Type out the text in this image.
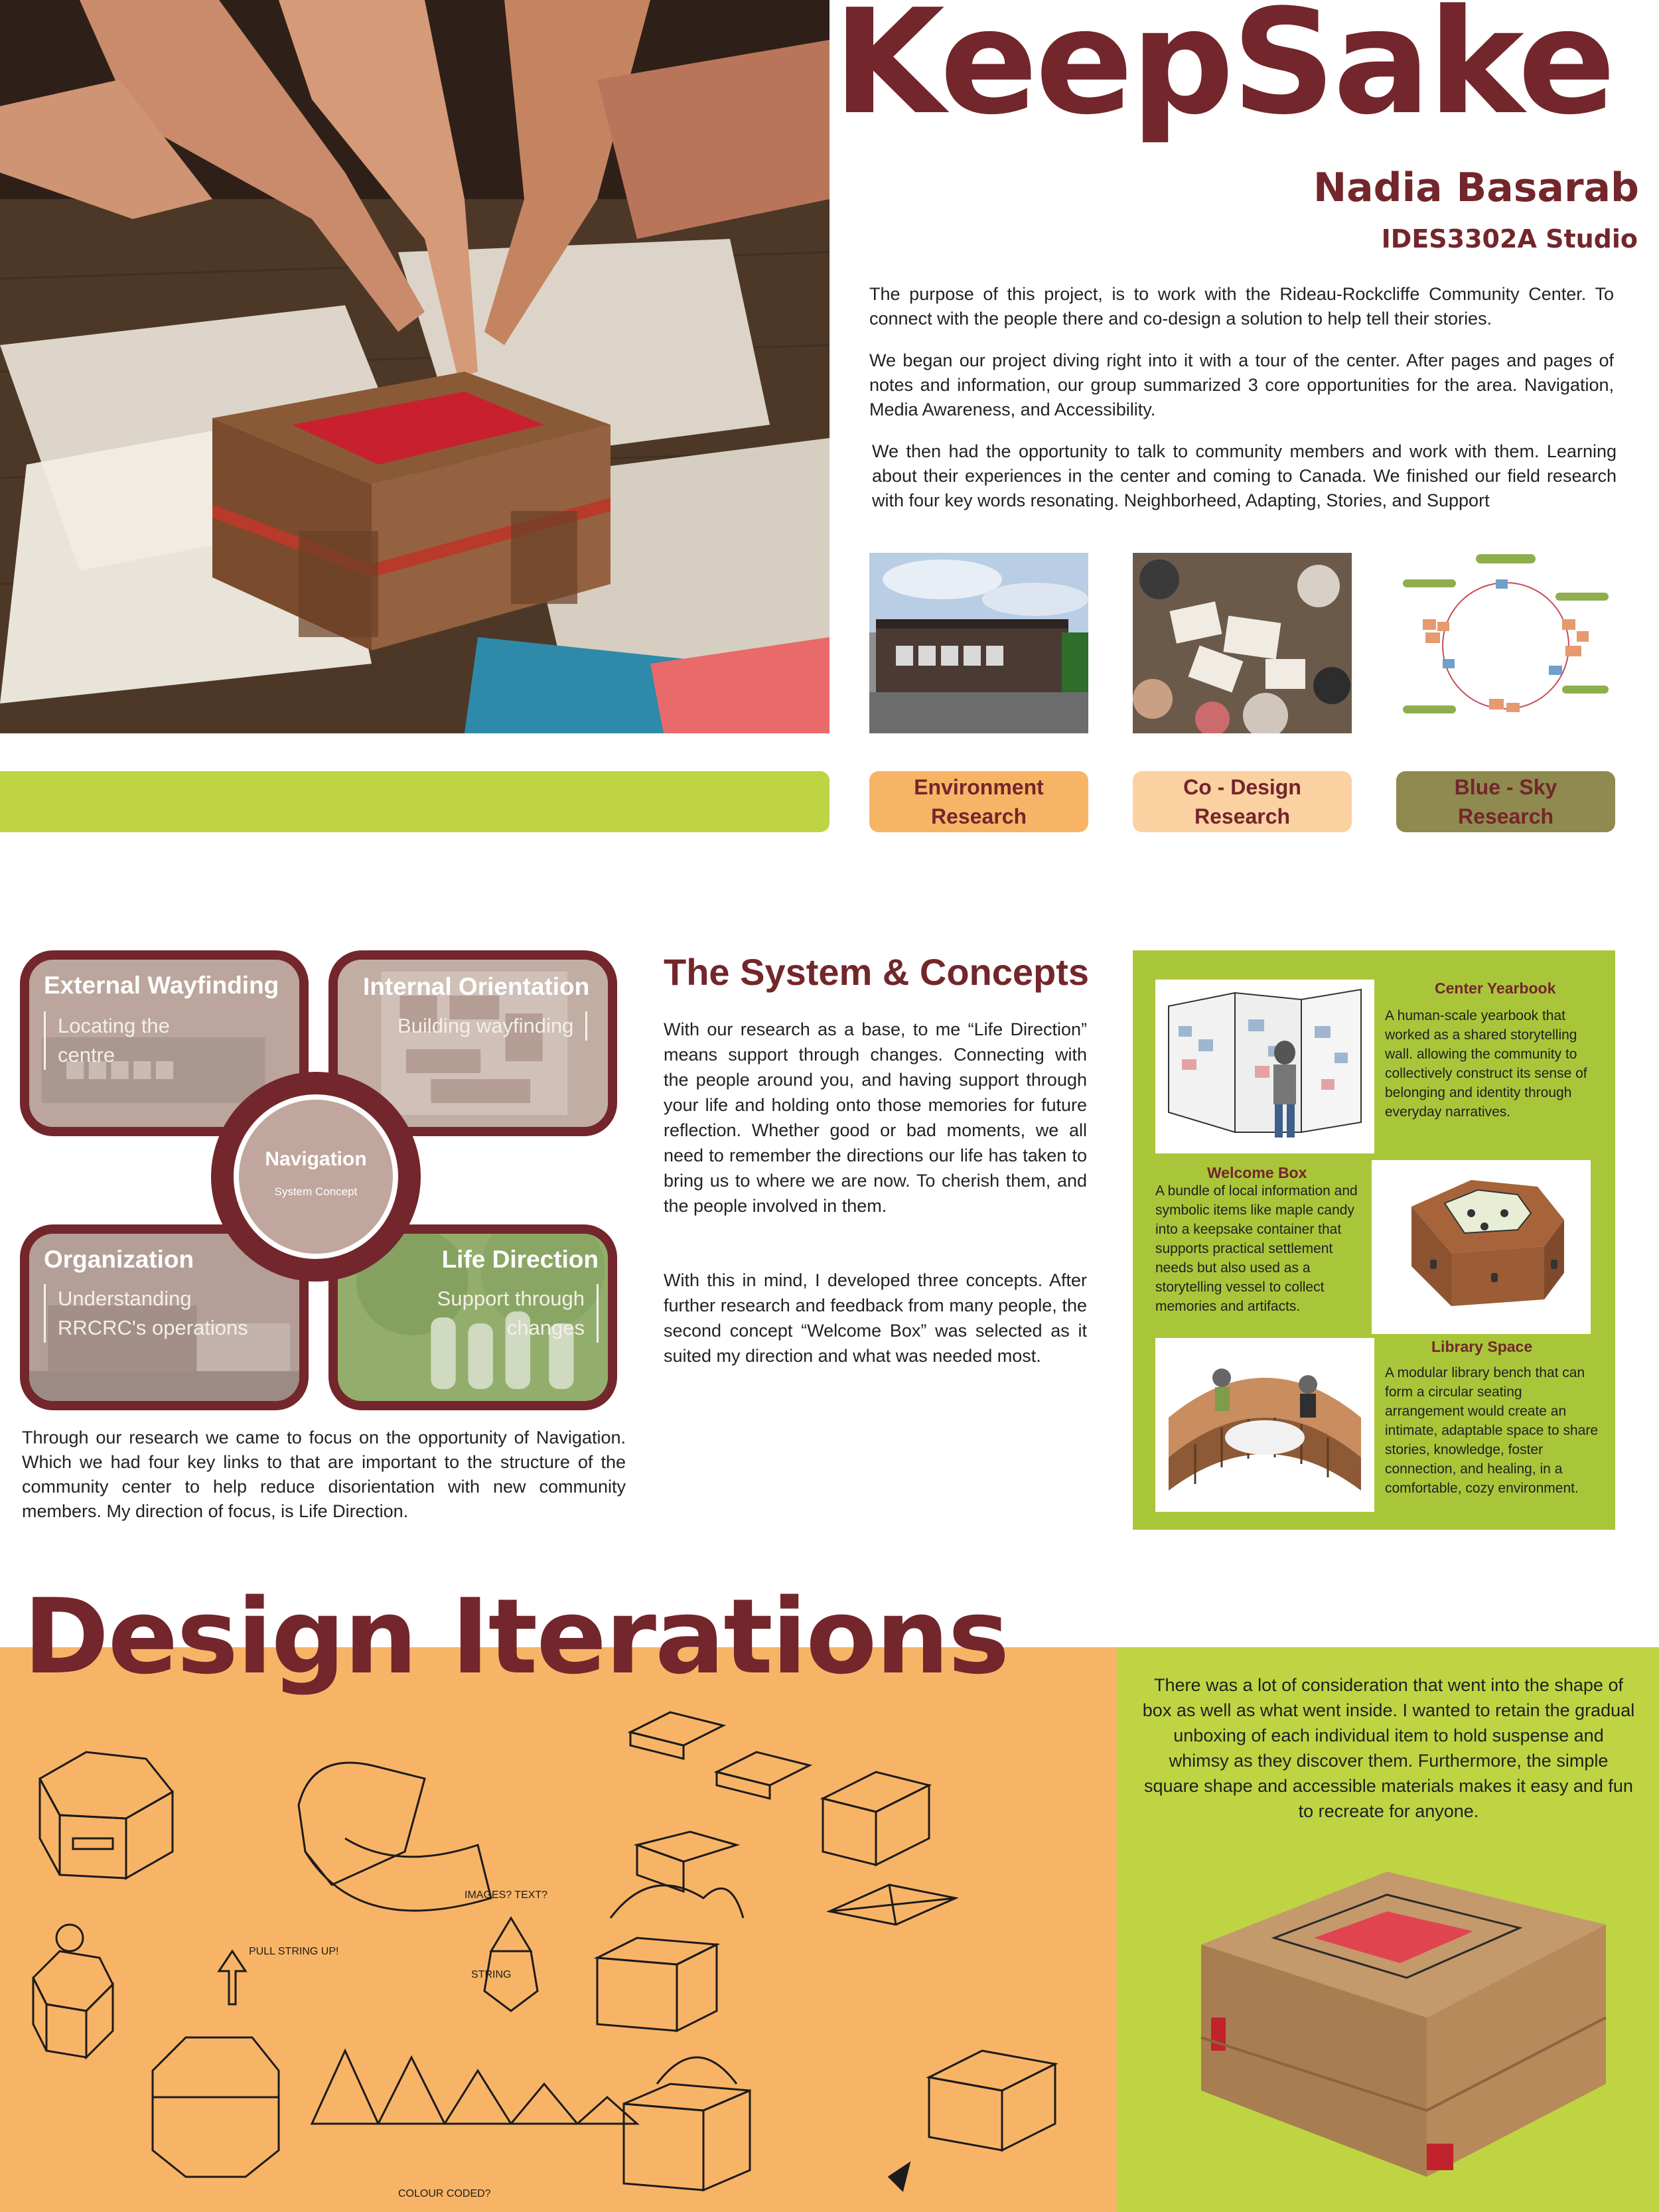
KeepSake
Nadia Basarab
IDES3302A Studio

The purpose of this project, is to work with the Rideau-Rockcliffe Community Center. To connect with the people there and co-design a solution to help tell their stories.

We began our project diving right into it with a tour of the center. After pages and pages of notes and information, our group summarized 3 core opportunities for the area. Navigation, Media Awareness, and Accessibility.

We then had the opportunity to talk to community members and work with them. Learning about their experiences in the center and coming to Canada. We finished our field research with four key words resonating. Neighborheed, Adapting, Stories, and Support

Environment
Research
Co - Design
Research
Blue - Sky
Research
External Wayfinding
Locating the
centre
Internal Orientation
Building wayfinding
Organization
Understanding
RRCRC's operations
Life Direction
Support through
changes
Navigation
System Concept

Through our research we came to focus on the opportunity of Navigation. Which we had four key links to that are important to the structure of the community center to help reduce disorientation with new community members. My direction of focus, is Life Direction.

The System & Concepts

With our research as a base, to me “Life Direction” means support through changes. Connecting with the people around you, and having support through your life and holding onto those memories for future reflection. Whether good or bad moments, we all need to remember the directions our life has taken to bring us to where we are now. To cherish them, and the people involved in them.

With this in mind, I developed three concepts. After further research and feedback from many people, the second concept “Welcome Box” was selected as it suited my direction and what was needed most.

Center Yearbook
A human-scale yearbook that worked as a shared storytelling wall. allowing the community to collectively construct its sense of belonging and identity through everyday narratives.
Welcome Box
A bundle of local information and symbolic items like maple candy into a keepsake container that supports practical settlement needs but also used as a storytelling vessel to collect memories and artifacts.
Library Space
A modular library bench that can form a circular seating arrangement would create an intimate, adaptable space to share stories, knowledge, foster connection, and healing, in a comfortable, cozy environment.
Design Iterations
IMAGES? TEXT?
PULL STRING UP!
COLOUR CODED?
STRING

There was a lot of consideration that went into the shape of box as well as what went inside. I wanted to retain the gradual unboxing of each individual item to hold suspense and whimsy as they discover them. Furthermore, the simple square shape and accessible materials makes it easy and fun to recreate for anyone.
